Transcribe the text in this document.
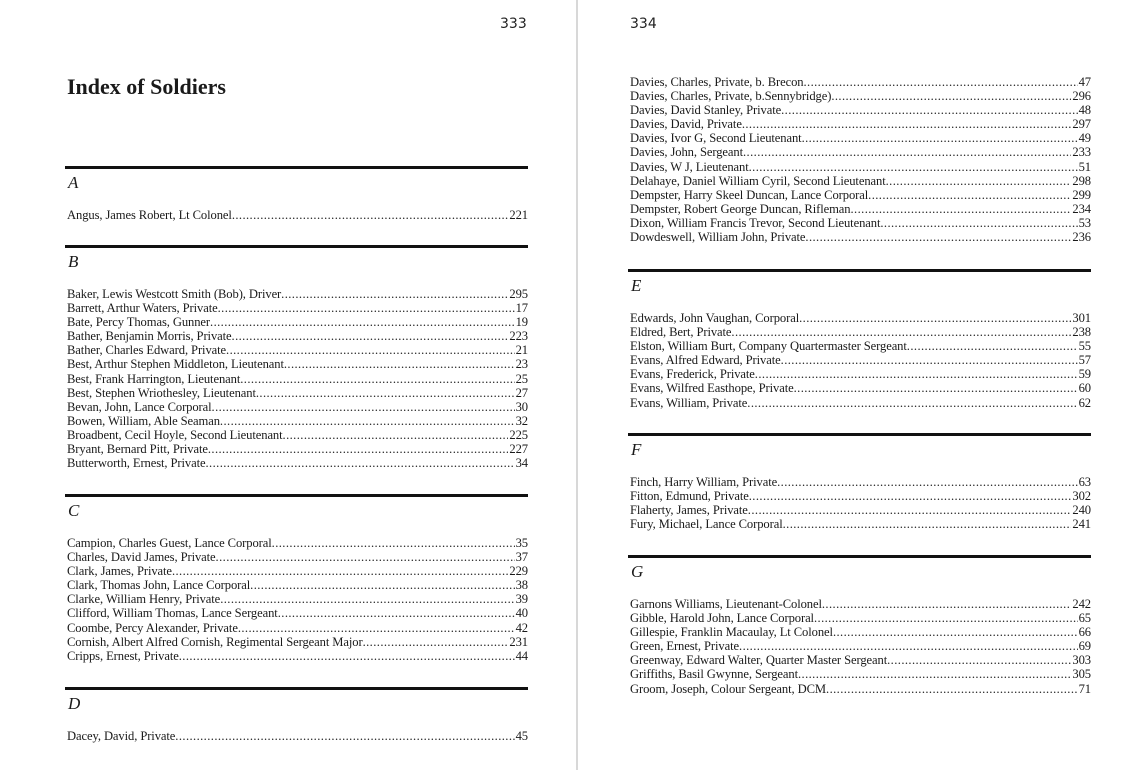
333
Index of Soldiers
334
A
Angus, James Robert, Lt Colonel .....	221
B
Baker, Lewis Westcott Smith (Bob), Driver .....	295
Barrett, Arthur Waters, Private .....	17
Bate, Percy Thomas, Gunner .....	19
Bather, Benjamin Morris, Private .....	223
Bather, Charles Edward, Private .....	21
Best, Arthur Stephen Middleton, Lieutenant .....	23
Best, Frank Harrington, Lieutenant .....	25
Best, Stephen Wriothesley, Lieutenant .....	27
Bevan, John, Lance Corporal .....	30
Bowen, William, Able Seaman .....	32
Broadbent, Cecil Hoyle, Second Lieutenant .....	225
Bryant, Bernard Pitt, Private .....	227
Butterworth, Ernest, Private .....	34
C
Campion, Charles Guest, Lance Corporal .....	35
Charles, David James, Private .....	37
Clark, James, Private .....	229
Clark, Thomas John, Lance Corporal .....	38
Clarke, William Henry, Private .....	39
Clifford, William Thomas, Lance Sergeant .....	40
Coombe, Percy Alexander, Private .....	42
Cornish, Albert Alfred Cornish, Regimental Sergeant Major .....	231
Cripps, Ernest, Private .....	44
D
Dacey, David, Private .....	45
Davies, Charles, Private, b. Brecon .....	47
Davies, Charles, Private, b.Sennybridge) .....	296
Davies, David Stanley, Private .....	48
Davies, David, Private .....	297
Davies, Ivor G, Second Lieutenant .....	49
Davies, John, Sergeant .....	233
Davies, W J, Lieutenant .....	51
Delahaye, Daniel William Cyril, Second Lieutenant .....	298
Dempster, Harry Skeel Duncan, Lance Corporal .....	299
Dempster, Robert George Duncan, Rifleman .....	234
Dixon, William Francis Trevor, Second Lieutenant .....	53
Dowdeswell, William John, Private .....	236
E
Edwards, John Vaughan, Corporal .....	301
Eldred, Bert, Private .....	238
Elston, William Burt, Company Quartermaster Sergeant .....	55
Evans, Alfred Edward, Private .....	57
Evans, Frederick, Private .....	59
Evans, Wilfred Easthope, Private .....	60
Evans, William, Private .....	62
F
Finch, Harry William, Private .....	63
Fitton, Edmund, Private .....	302
Flaherty, James, Private .....	240
Fury, Michael, Lance Corporal .....	241
G
Garnons Williams, Lieutenant-Colonel .....	242
Gibble, Harold John, Lance Corporal .....	65
Gillespie, Franklin Macaulay, Lt Colonel .....	66
Green, Ernest, Private .....	69
Greenway, Edward Walter, Quarter Master Sergeant .....	303
Griffiths, Basil Gwynne, Sergeant .....	305
Groom, Joseph, Colour Sergeant, DCM .....	71
